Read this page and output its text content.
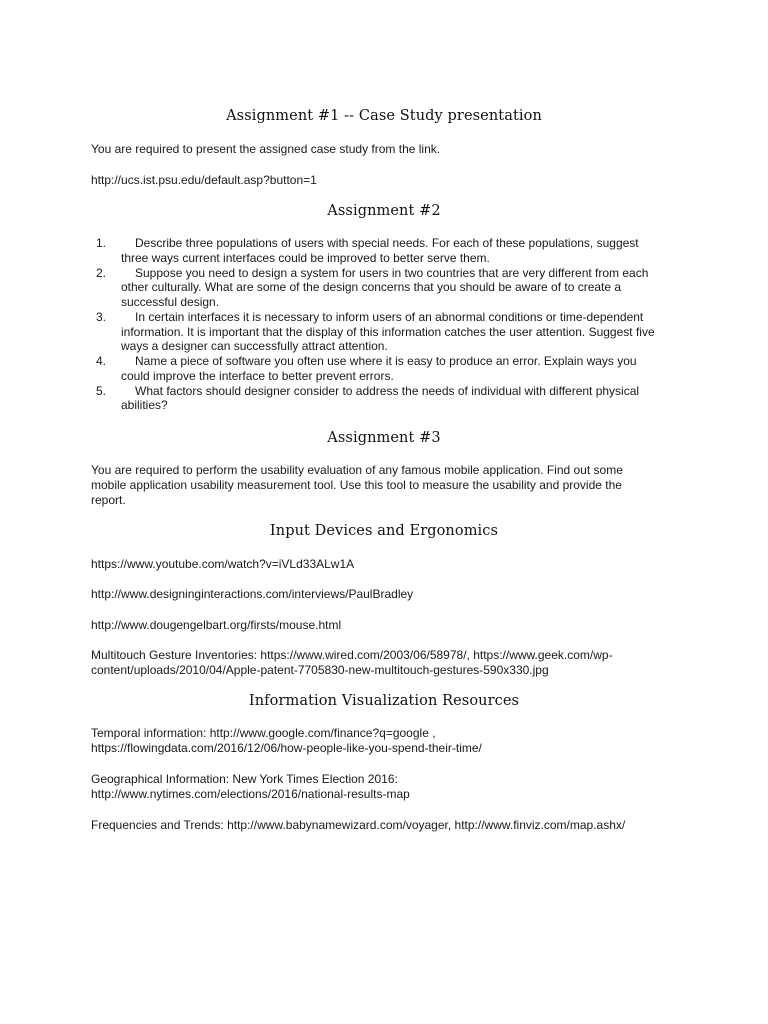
Assignment #1 -- Case Study presentation

You are required to present the assigned case study from the link.

http://ucs.ist.psu.edu/default.asp?button=1

Assignment #2
1.	Describe three populations of users with special needs. For each of these populations, suggest three ways current interfaces could be improved to better serve them.
2.	Suppose you need to design a system for users in two countries that are very different from each other culturally. What are some of the design concerns that you should be aware of to create a successful design.
3.	In certain interfaces it is necessary to inform users of an abnormal conditions or time-dependent information. It is important that the display of this information catches the user attention. Suggest five ways a designer can successfully attract attention.
4.	Name a piece of software you often use where it is easy to produce an error. Explain ways you could improve the interface to better prevent errors.
5.	What factors should designer consider to address the needs of individual with different physical abilities?
Assignment #3

You are required to perform the usability evaluation of any famous mobile application. Find out some mobile application usability measurement tool. Use this tool to measure the usability and provide the report.

Input Devices and Ergonomics

https://www.youtube.com/watch?v=iVLd33ALw1A

http://www.designinginteractions.com/interviews/PaulBradley

http://www.dougengelbart.org/firsts/mouse.html

Multitouch Gesture Inventories: https://www.wired.com/2003/06/58978/, https://www.geek.com/wp-content/uploads/2010/04/Apple-patent-7705830-new-multitouch-gestures-590x330.jpg

Information Visualization Resources

Temporal information: http://www.google.com/finance?q=google , https://flowingdata.com/2016/12/06/how-people-like-you-spend-their-time/

Geographical Information: New York Times Election 2016: http://www.nytimes.com/elections/2016/national-results-map

Frequencies and Trends: http://www.babynamewizard.com/voyager, http://www.finviz.com/map.ashx/
